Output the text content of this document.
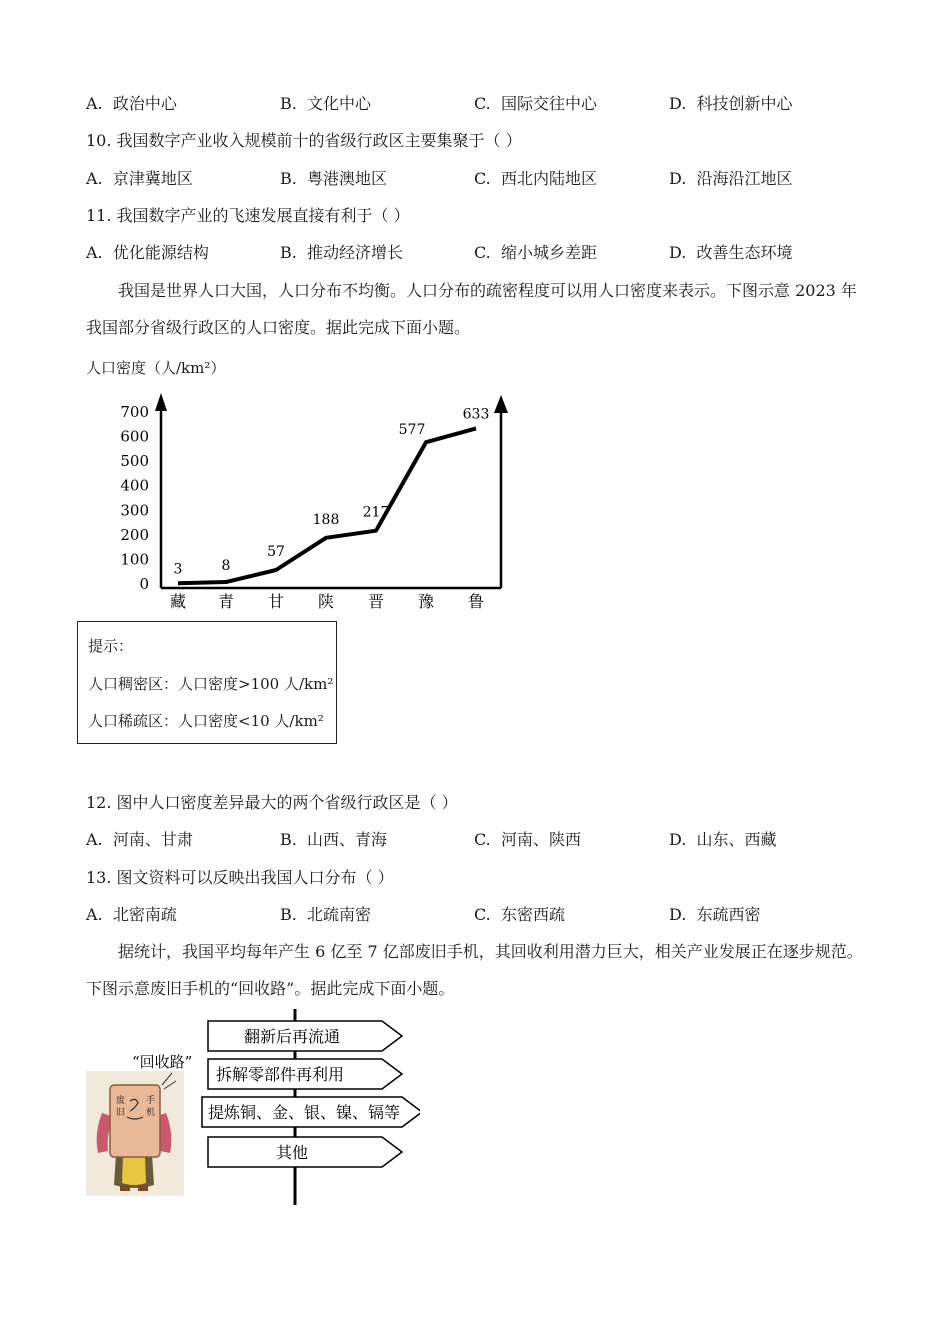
A. 政治中心	B. 文化中心	C. 国际交往中心	D. 科技创新中心
10. 我国数字产业收入规模前十的省级行政区主要集聚于（ ）
A. 京津冀地区	B. 粤港澳地区	C. 西北内陆地区	D. 沿海沿江地区
11. 我国数字产业的飞速发展直接有利于（ ）
A. 优化能源结构	B. 推动经济增长	C. 缩小城乡差距	D. 改善生态环境
我国是世界人口大国，人口分布不均衡。人口分布的疏密程度可以用人口密度来表示。下图示意 2023 年我国部分省级行政区的人口密度。据此完成下面小题。
人口密度（人/km²）
0
100
200
300
400
500
600
700
藏 青 甘 陕 晋 豫 鲁
3	8
57
188 217
577
633
提示：
人口稠密区：人口密度>100 人/km²
人口稀疏区：人口密度<10 人/km²
12. 图中人口密度差异最大的两个省级行政区是（ ）
A. 河南、甘肃	B. 山西、青海	C. 河南、陕西	D. 山东、西藏
13. 图文资料可以反映出我国人口分布（ ）
A. 北密南疏	B. 北疏南密	C. 东密西疏	D. 东疏西密
据统计，我国平均每年产生 6 亿至 7 亿部废旧手机，其回收利用潜力巨大，相关产业发展正在逐步规范。下图示意废旧手机的“回收路”。据此完成下面小题。
翻新后再流通
拆解零部件再利用
提炼铜、金、银、镍、镉等
其他
“回收路”
废
旧
手
机
